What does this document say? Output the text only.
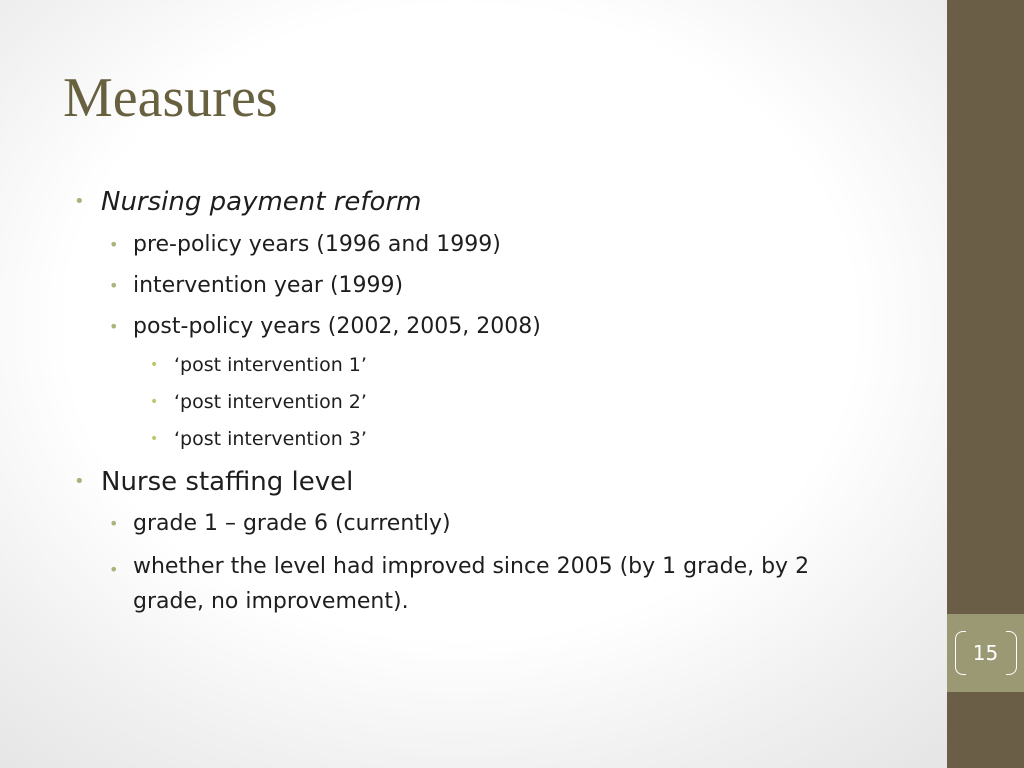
Measures
• Nursing payment reform
• pre-policy years (1996 and 1999)
• intervention year (1999)
• post-policy years (2002, 2005, 2008)
• ‘post intervention 1’
• ‘post intervention 2’
• ‘post intervention 3’
• Nurse staffing level
• grade 1 – grade 6 (currently)
• whether the level had improved since 2005 (by 1 grade, by 2 grade, no improvement).
15
